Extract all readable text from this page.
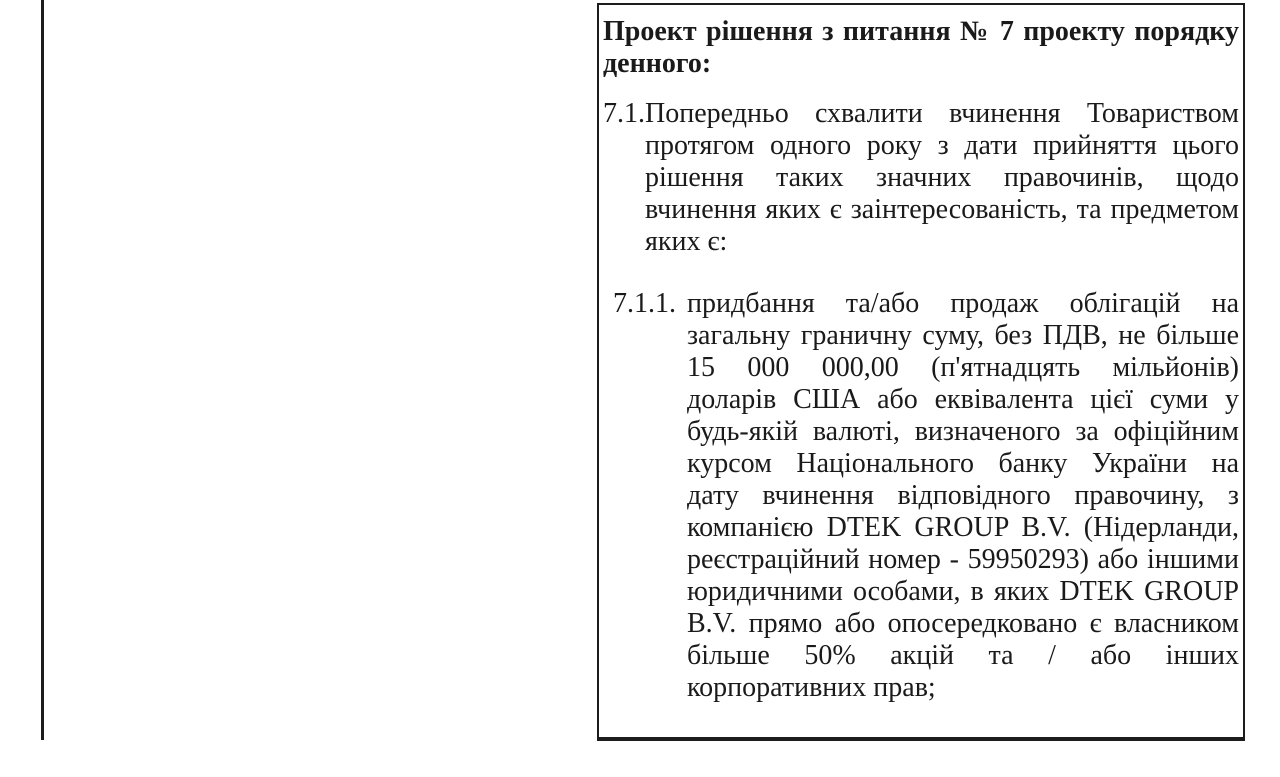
Проект рішення з питання № 7 проекту порядку
денного:
7.1. Попередньо схвалити вчинення Товариством
протягом одного року з дати прийняття цього
рішення таких значних правочинів, щодо
вчинення яких є заінтересованість, та предметом
яких є:
7.1.1. придбання та/або продаж облігацій на
загальну граничну суму, без ПДВ, не більше
15 000 000,00 (п'ятнадцять мільйонів)
доларів США або еквівалента цієї суми у
будь-якій валюті, визначеного за офіційним
курсом Національного банку України на
дату вчинення відповідного правочину, з
компанією DTEK GROUP B.V. (Нідерланди,
реєстраційний номер - 59950293) або іншими
юридичними особами, в яких DTEK GROUP
B.V. прямо або опосередковано є власником
більше 50% акцій та / або інших
корпоративних прав;
